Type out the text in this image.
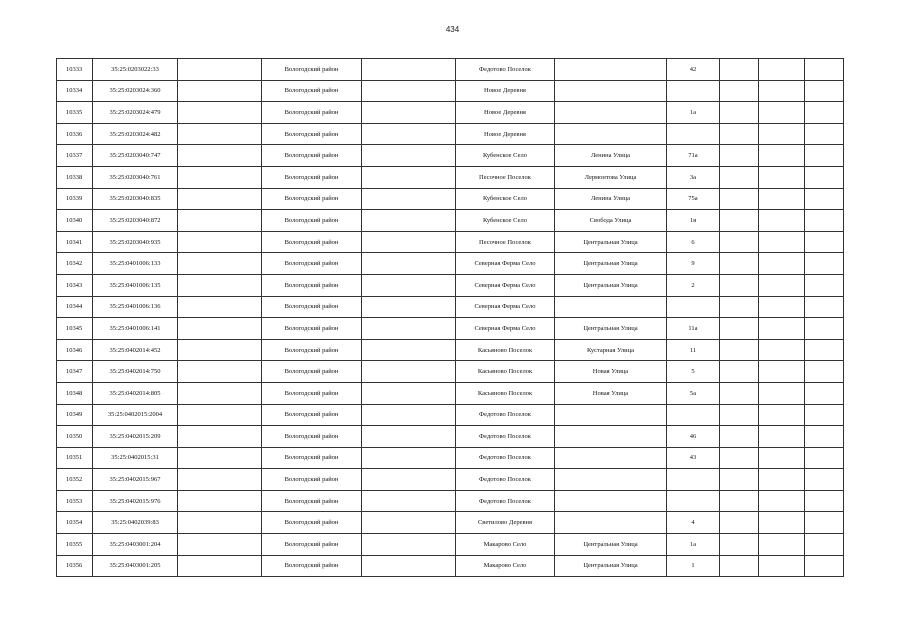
434
10333	35:25:0203022:33		Вологодский район		Федотово Поселок		42			
10334	35:25:0203024:360		Вологодский район		Новое Деревня					
10335	35:25:0203024:479		Вологодский район		Новое Деревня		1а			
10336	35:25:0203024:482		Вологодский район		Новое Деревня					
10337	35:25:0203040:747		Вологодский район		Кубенское Село	Ленина Улица	71а			
10338	35:25:0203040:761		Вологодский район		Песочное Поселок	Лермонтова Улица	3а			
10339	35:25:0203040:835		Вологодский район		Кубенское Село	Ленина Улица	75а			
10340	35:25:0203040:872		Вологодский район		Кубенское Село	Свобода Улица	1я			
10341	35:25:0203040:935		Вологодский район		Песочное Поселок	Центральная Улица	6			
10342	35:25:0401006:133		Вологодский район		Северная Ферма Село	Центральная Улица	9			
10343	35:25:0401006:135		Вологодский район		Северная Ферма Село	Центральная Улица	2			
10344	35:25:0401006:136		Вологодский район		Северная Ферма Село					
10345	35:25:0401006:141		Вологодский район		Северная Ферма Село	Центральная Улица	11а			
10346	35:25:0402014:452		Вологодский район		Касьяново Поселок	Кустарная Улица	11			
10347	35:25:0402014:750		Вологодский район		Касьяново Поселок	Новая Улица	5			
10348	35:25:0402014:805		Вологодский район		Касьяново Поселок	Новая Улица	5а			
10349	35:25:0402015:2004		Вологодский район		Федотово Поселок					
10350	35:25:0402015:209		Вологодский район		Федотово Поселок		46			
10351	35:25:0402015:31		Вологодский район		Федотово Поселок		43			
10352	35:25:0402015:967		Вологодский район		Федотово Поселок					
10353	35:25:0402015:976		Вологодский район		Федотово Поселок					
10354	35:25:0402039:83		Вологодский район		Светилово Деревня		4			
10355	35:25:0403001:204		Вологодский район		Макарово Село	Центральная Улица	1а			
10356	35:25:0403001:205		Вологодский район		Макарово Село	Центральная Улица	1			
